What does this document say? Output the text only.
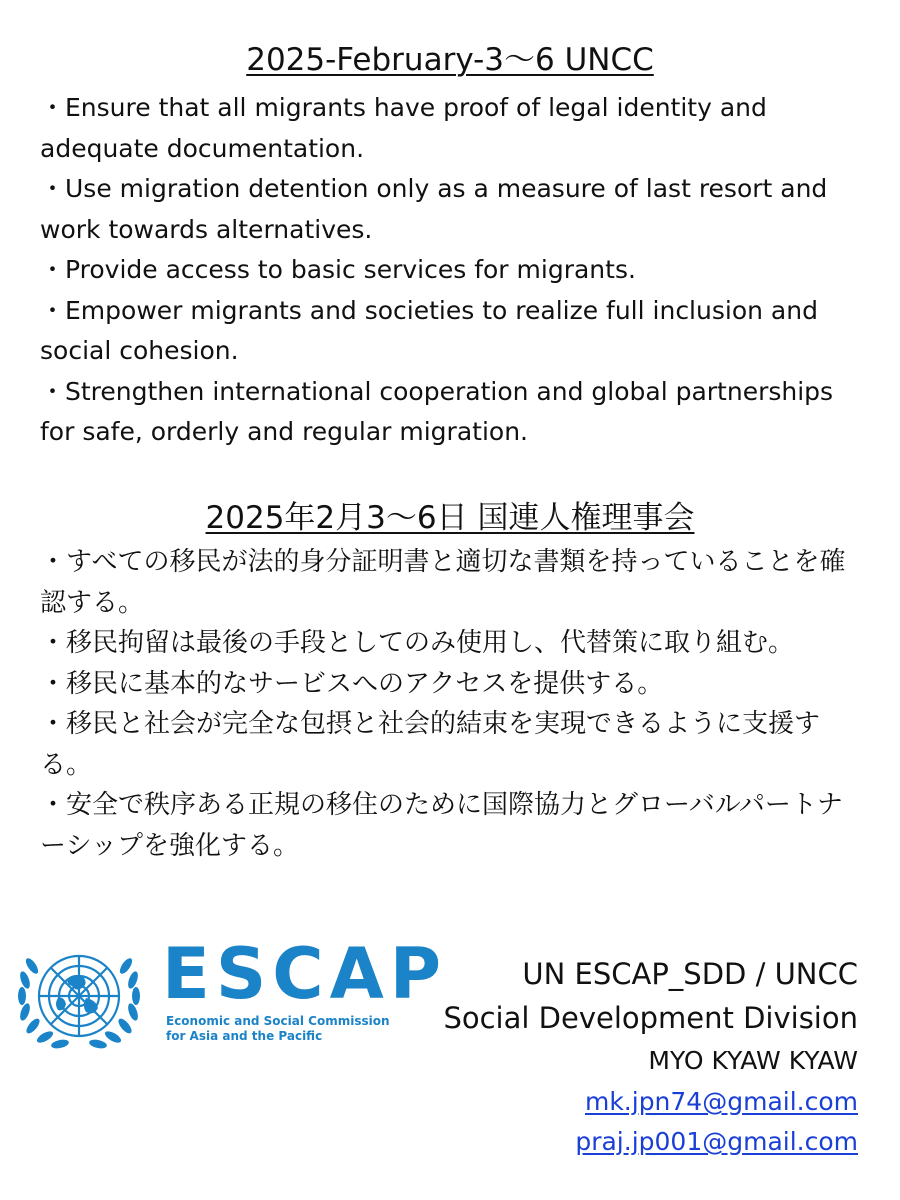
2025-February-3～6 UNCC
・Ensure that all migrants have proof of legal identity and adequate documentation.
・Use migration detention only as a measure of last resort and work towards alternatives.
・Provide access to basic services for migrants.
・Empower migrants and societies to realize full inclusion and social cohesion.
・Strengthen international cooperation and global partnerships for safe, orderly and regular migration.
2025年2月3～6日 国連人権理事会
・すべての移民が法的身分証明書と適切な書類を持っていることを確認する。
・移民拘留は最後の手段としてのみ使用し、代替策に取り組む。
・移民に基本的なサービスへのアクセスを提供する。
・移民と社会が完全な包摂と社会的結束を実現できるように支援する。
・安全で秩序ある正規の移住のために国際協力とグローバルパートナーシップを強化する。
ESCAP
Economic and Social Commission
for Asia and the Pacific
UN ESCAP_SDD / UNCC
Social Development Division
MYO KYAW KYAW
mk.jpn74@gmail.com
praj.jp001@gmail.com
